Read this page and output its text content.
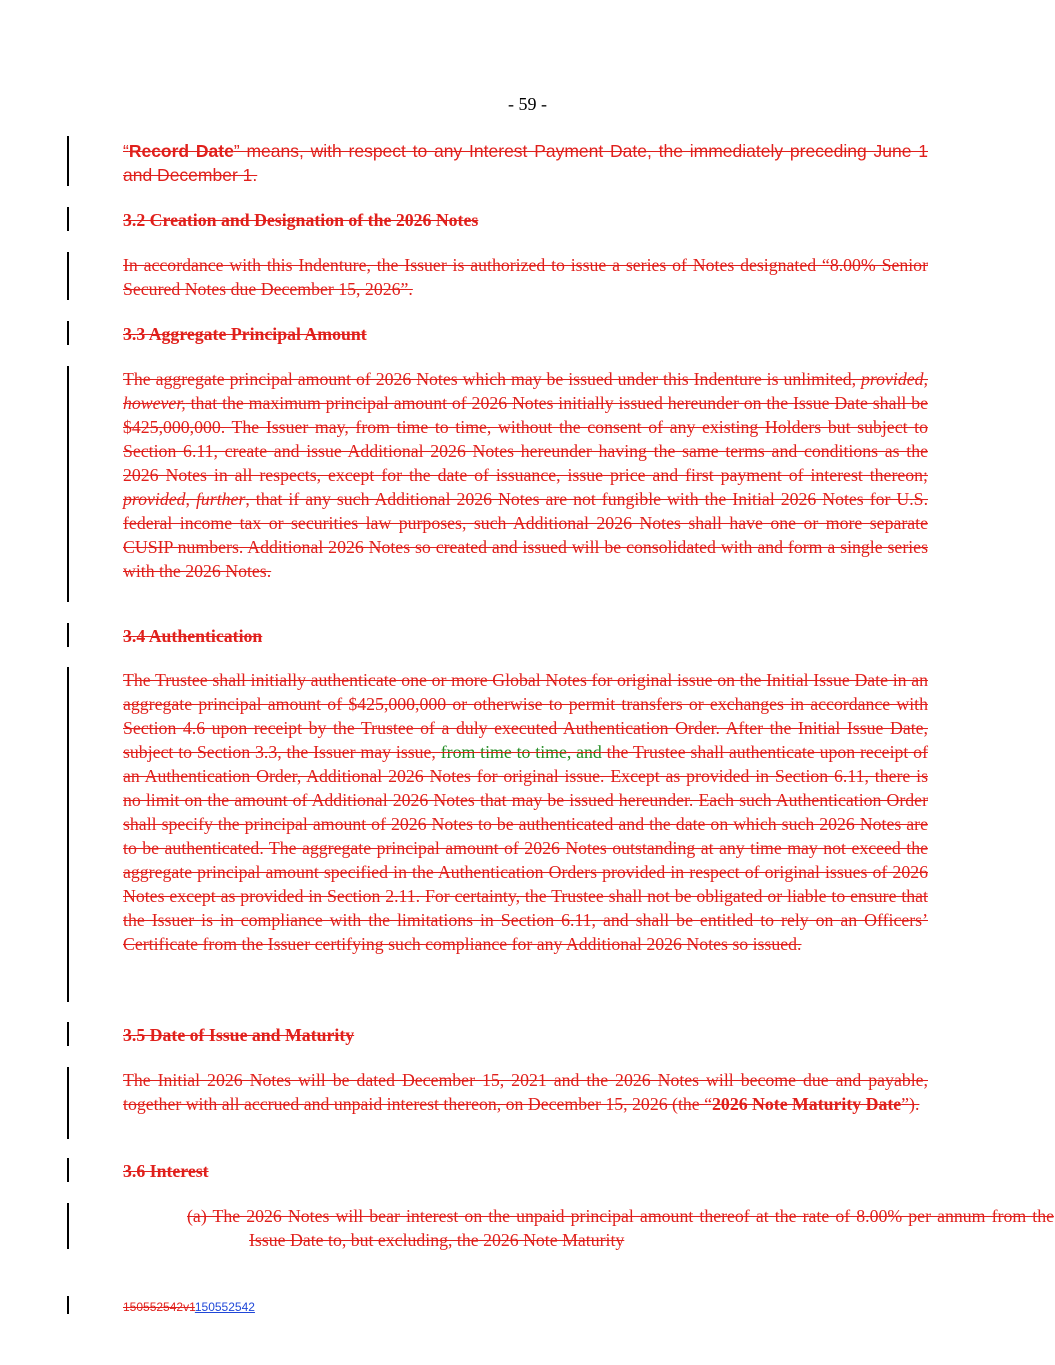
- 59 -
“Record Date” means, with respect to any Interest Payment Date, the immediately preceding June 1 and December 1.
3.2 Creation and Designation of the 2026 Notes
In accordance with this Indenture, the Issuer is authorized to issue a series of Notes designated “8.00% Senior Secured Notes due December 15, 2026”.
3.3 Aggregate Principal Amount
The aggregate principal amount of 2026 Notes which may be issued under this Indenture is unlimited, provided, however, that the maximum principal amount of 2026 Notes initially issued hereunder on the Issue Date shall be $425,000,000. The Issuer may, from time to time, without the consent of any existing Holders but subject to Section 6.11, create and issue Additional 2026 Notes hereunder having the same terms and conditions as the 2026 Notes in all respects, except for the date of issuance, issue price and first payment of interest thereon; provided, further, that if any such Additional 2026 Notes are not fungible with the Initial 2026 Notes for U.S. federal income tax or securities law purposes, such Additional 2026 Notes shall have one or more separate CUSIP numbers. Additional 2026 Notes so created and issued will be consolidated with and form a single series with the 2026 Notes.
3.4 Authentication
The Trustee shall initially authenticate one or more Global Notes for original issue on the Initial Issue Date in an aggregate principal amount of $425,000,000 or otherwise to permit transfers or exchanges in accordance with Section 4.6 upon receipt by the Trustee of a duly executed Authentication Order. After the Initial Issue Date, subject to Section 3.3, the Issuer may issue, from time to time, and the Trustee shall authenticate upon receipt of an Authentication Order, Additional 2026 Notes for original issue. Except as provided in Section 6.11, there is no limit on the amount of Additional 2026 Notes that may be issued hereunder. Each such Authentication Order shall specify the principal amount of 2026 Notes to be authenticated and the date on which such 2026 Notes are to be authenticated. The aggregate principal amount of 2026 Notes outstanding at any time may not exceed the aggregate principal amount specified in the Authentication Orders provided in respect of original issues of 2026 Notes except as provided in Section 2.11. For certainty, the Trustee shall not be obligated or liable to ensure that the Issuer is in compliance with the limitations in Section 6.11, and shall be entitled to rely on an Officers’ Certificate from the Issuer certifying such compliance for any Additional 2026 Notes so issued.
3.5 Date of Issue and Maturity
The Initial 2026 Notes will be dated December 15, 2021 and the 2026 Notes will become due and payable, together with all accrued and unpaid interest thereon, on December 15, 2026 (the “2026 Note Maturity Date”).
3.6 Interest
(a) The 2026 Notes will bear interest on the unpaid principal amount thereof at the rate of 8.00% per annum from the Issue Date to, but excluding, the 2026 Note Maturity
150552542v1150552542
